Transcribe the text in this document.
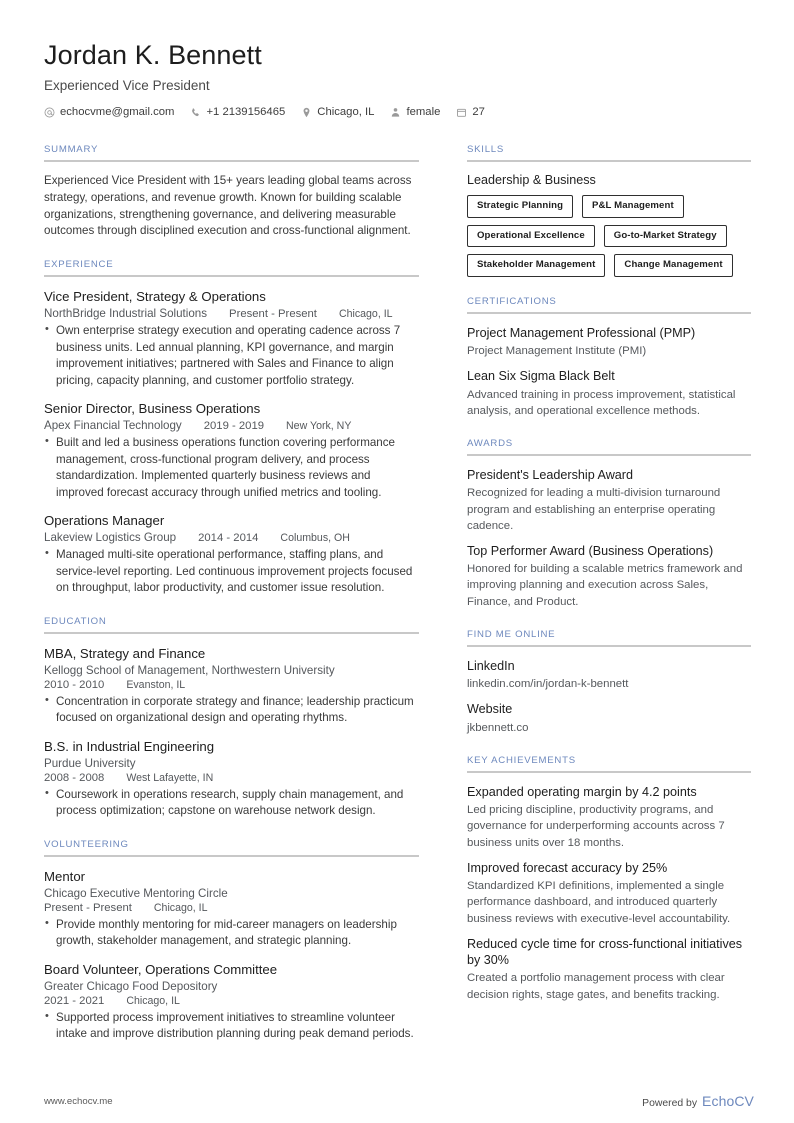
Jordan K. Bennett
Experienced Vice President
echocvme@gmail.com	+1 2139156465	Chicago, IL	female	27
SUMMARY
Experienced Vice President with 15+ years leading global teams across strategy, operations, and revenue growth. Known for building scalable organizations, strengthening governance, and delivering measurable outcomes through disciplined execution and cross-functional alignment.
EXPERIENCE
Vice President, Strategy & Operations
NorthBridge Industrial Solutions Present - Present Chicago, IL
• Own enterprise strategy execution and operating cadence across 7 business units. Led annual planning, KPI governance, and margin improvement initiatives; partnered with Sales and Finance to align pricing, capacity planning, and customer portfolio strategy.
Senior Director, Business Operations
Apex Financial Technology 2019 - 2019 New York, NY
• Built and led a business operations function covering performance management, cross-functional program delivery, and process standardization. Implemented quarterly business reviews and improved forecast accuracy through unified metrics and tooling.
Operations Manager
Lakeview Logistics Group 2014 - 2014 Columbus, OH
• Managed multi-site operational performance, staffing plans, and service-level reporting. Led continuous improvement projects focused on throughput, labor productivity, and customer issue resolution.
EDUCATION
MBA, Strategy and Finance
Kellogg School of Management, Northwestern University
2010 - 2010 Evanston, IL
• Concentration in corporate strategy and finance; leadership practicum focused on organizational design and operating rhythms.
B.S. in Industrial Engineering
Purdue University
2008 - 2008 West Lafayette, IN
• Coursework in operations research, supply chain management, and process optimization; capstone on warehouse network design.
VOLUNTEERING
Mentor
Chicago Executive Mentoring Circle
Present - Present Chicago, IL
• Provide monthly mentoring for mid-career managers on leadership growth, stakeholder management, and strategic planning.
Board Volunteer, Operations Committee
Greater Chicago Food Depository
2021 - 2021 Chicago, IL
• Supported process improvement initiatives to streamline volunteer intake and improve distribution planning during peak demand periods.
SKILLS
Leadership & Business
Strategic Planning	P&L Management
Operational Excellence	Go-to-Market Strategy
Stakeholder Management	Change Management
CERTIFICATIONS
Project Management Professional (PMP)
Project Management Institute (PMI)
Lean Six Sigma Black Belt
Advanced training in process improvement, statistical analysis, and operational excellence methods.
AWARDS
President's Leadership Award
Recognized for leading a multi-division turnaround program and establishing an enterprise operating cadence.
Top Performer Award (Business Operations)
Honored for building a scalable metrics framework and improving planning and execution across Sales, Finance, and Product.
FIND ME ONLINE
LinkedIn
linkedin.com/in/jordan-k-bennett
Website
jkbennett.co
KEY ACHIEVEMENTS
Expanded operating margin by 4.2 points
Led pricing discipline, productivity programs, and governance for underperforming accounts across 7 business units over 18 months.
Improved forecast accuracy by 25%
Standardized KPI definitions, implemented a single performance dashboard, and introduced quarterly business reviews with executive-level accountability.
Reduced cycle time for cross-functional initiatives by 30%
Created a portfolio management process with clear decision rights, stage gates, and benefits tracking.
www.echocv.me	Powered by EchoCV
